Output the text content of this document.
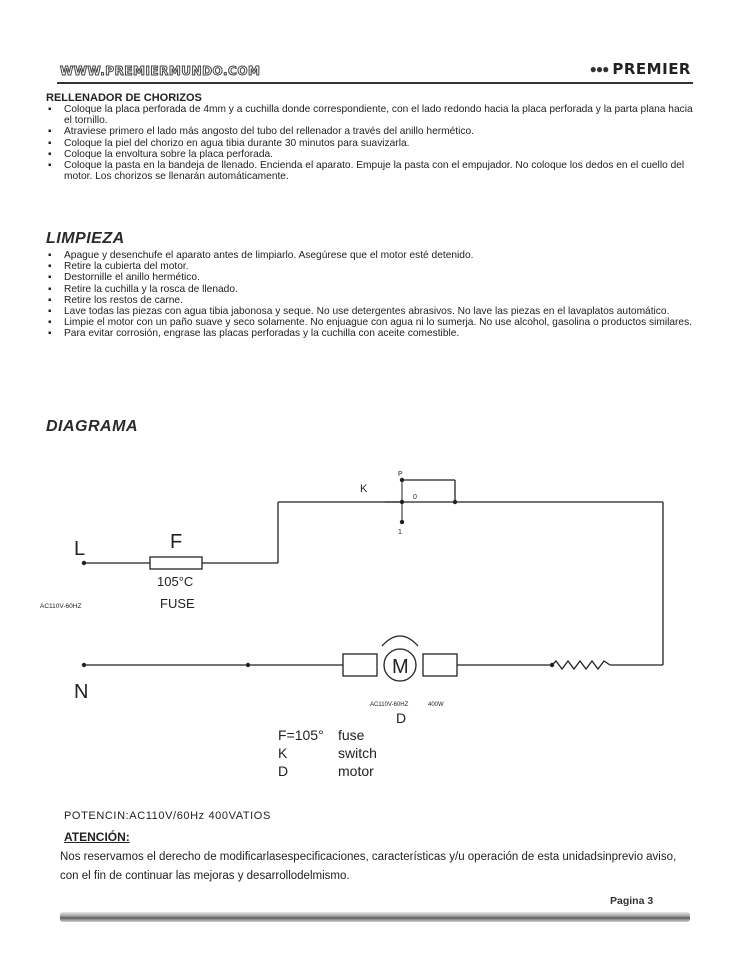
WWW.PREMIERMUNDO.COM	●●● PREMIER
RELLENADOR DE CHORIZOS
▪ Coloque la placa perforada de 4mm y a cuchilla donde correspondiente, con el lado redondo hacia la placa perforada y la parta plana hacia el tornillo.
▪ Atraviese primero el lado más angosto del tubo del rellenador a través del anillo hermético.
▪ Coloque la piel del chorizo en agua tibia durante 30 minutos para suavizarla.
▪ Coloque la envoltura sobre la placa perforada.
▪ Coloque la pasta en la bandeja de llenado. Encienda el aparato. Empuje la pasta con el empujador. No coloque los dedos en el cuello del motor. Los chorizos se llenarán automáticamente.
LIMPIEZA
▪ Apague y desenchufe el aparato antes de limpiarlo. Asegúrese que el motor esté detenido.
▪ Retire la cubierta del motor.
▪ Destornille el anillo hermético.
▪ Retire la cuchilla y la rosca de llenado.
▪ Retire los restos de carne.
▪ Lave todas las piezas con agua tibia jabonosa y seque. No use detergentes abrasivos. No lave las piezas en el lavaplatos automático.
▪ Limpie el motor con un paño suave y seco solamente. No enjuague con agua ni lo sumerja. No use alcohol, gasolina o productos similares.
▪ Para evitar corrosión, engrase las placas perforadas y la cuchilla con aceite comestible.
DIAGRAMA
L
N
F
105°C
FUSE
AC110V-60HZ
K
P
0
1
M
AC110V-60HZ	400W
D
F=105°	fuse
K	switch
D	motor
POTENCIN:AC110V/60Hz 400VATIOS
ATENCIÓN:
Nos reservamos el derecho de modificarlasespecificaciones, características y/u operación de esta unidadsinprevio aviso, con el fin de continuar las mejoras y desarrollodelmismo.
Pagina 3
